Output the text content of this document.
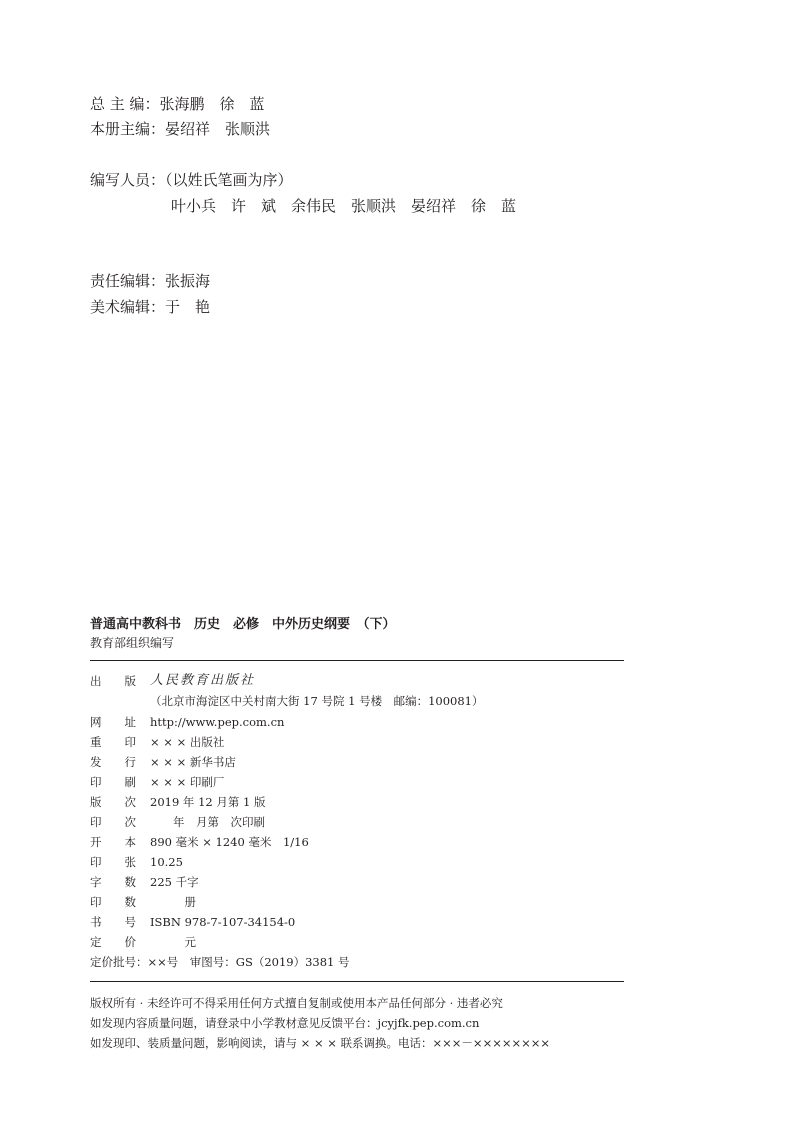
总 主 编：张海鹏　徐　蓝
本册主编：晏绍祥　张顺洪
编写人员：（以姓氏笔画为序）
叶小兵　许　斌　余伟民　张顺洪　晏绍祥　徐　蓝
责任编辑：张振海
美术编辑：于　艳
普通高中教科书　历史　必修　中外历史纲要　（下）
教育部组织编写
出　　版 人民教育出版社
（北京市海淀区中关村南大街 17 号院 1 号楼　邮编：100081）
网　　址 http://www.pep.com.cn
重　　印 × × × 出版社
发　　行 × × × 新华书店
印　　刷 × × × 印刷厂
版　　次 2019 年 12 月第 1 版
印　　次 　　年　月第　次印刷
开　　本 890 毫米 × 1240 毫米　1/16
印　　张 10.25
字　　数 225 千字
印　　数 　　　册
书　　号 ISBN 978-7-107-34154-0
定　　价 　　　元
定价批号：××号　审图号：GS（2019）3381 号
版权所有 · 未经许可不得采用任何方式擅自复制或使用本产品任何部分 · 违者必究
如发现内容质量问题，请登录中小学教材意见反馈平台：jcyjfk.pep.com.cn
如发现印、装质量问题，影响阅读，请与 × × × 联系调换。电话：×××－××××××××
